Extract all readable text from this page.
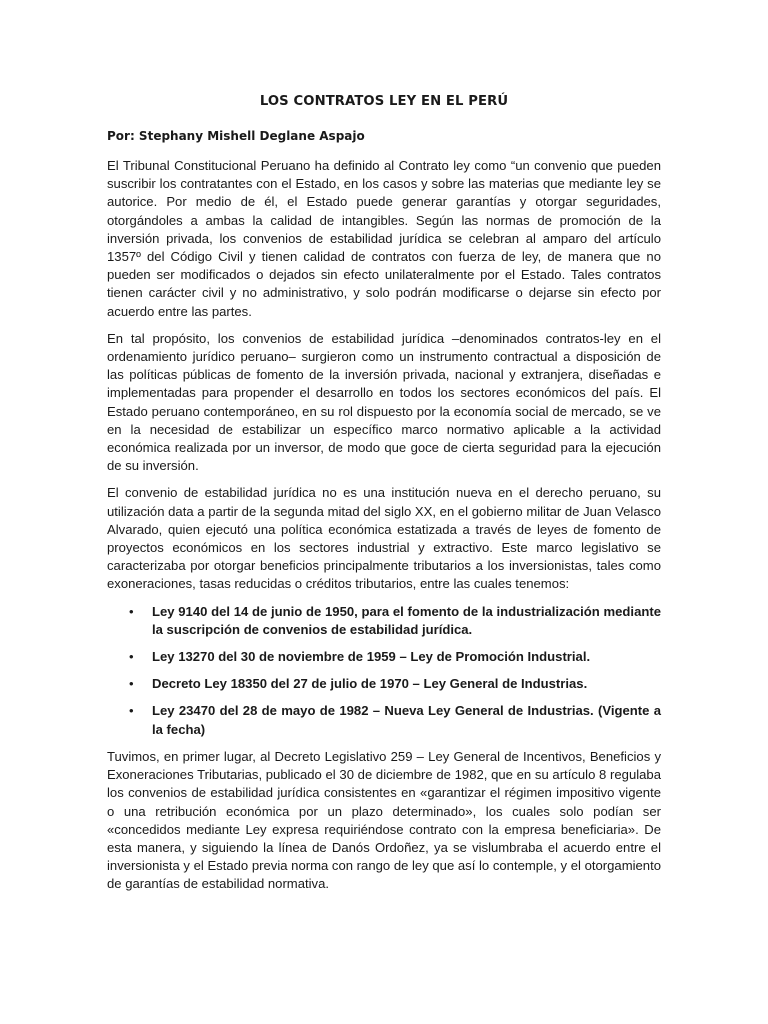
LOS CONTRATOS LEY EN EL PERÚ
Por: Stephany Mishell Deglane Aspajo

El Tribunal Constitucional Peruano ha definido al Contrato ley como “un convenio que pueden suscribir los contratantes con el Estado, en los casos y sobre las materias que mediante ley se autorice. Por medio de él, el Estado puede generar garantías y otorgar seguridades, otorgándoles a ambas la calidad de intangibles. Según las normas de promoción de la inversión privada, los convenios de estabilidad jurídica se celebran al amparo del artículo 1357º del Código Civil y tienen calidad de contratos con fuerza de ley, de manera que no pueden ser modificados o dejados sin efecto unilateralmente por el Estado. Tales contratos tienen carácter civil y no administrativo, y solo podrán modificarse o dejarse sin efecto por acuerdo entre las partes.

En tal propósito, los convenios de estabilidad jurídica –denominados contratos-ley en el ordenamiento jurídico peruano– surgieron como un instrumento contractual a disposición de las políticas públicas de fomento de la inversión privada, nacional y extranjera, diseñadas e implementadas para propender el desarrollo en todos los sectores económicos del país. El Estado peruano contemporáneo, en su rol dispuesto por la economía social de mercado, se ve en la necesidad de estabilizar un específico marco normativo aplicable a la actividad económica realizada por un inversor, de modo que goce de cierta seguridad para la ejecución de su inversión.

El convenio de estabilidad jurídica no es una institución nueva en el derecho peruano, su utilización data a partir de la segunda mitad del siglo XX, en el gobierno militar de Juan Velasco Alvarado, quien ejecutó una política económica estatizada a través de leyes de fomento de proyectos económicos en los sectores industrial y extractivo. Este marco legislativo se caracterizaba por otorgar beneficios principalmente tributarios a los inversionistas, tales como exoneraciones, tasas reducidas o créditos tributarios, entre las cuales tenemos:

• Ley 9140 del 14 de junio de 1950, para el fomento de la industrialización mediante la suscripción de convenios de estabilidad jurídica.
• Ley 13270 del 30 de noviembre de 1959 – Ley de Promoción Industrial.
• Decreto Ley 18350 del 27 de julio de 1970 – Ley General de Industrias.
• Ley 23470 del 28 de mayo de 1982 – Nueva Ley General de Industrias. (Vigente a la fecha)

Tuvimos, en primer lugar, al Decreto Legislativo 259 – Ley General de Incentivos, Beneficios y Exoneraciones Tributarias, publicado el 30 de diciembre de 1982, que en su artículo 8 regulaba los convenios de estabilidad jurídica consistentes en «garantizar el régimen impositivo vigente o una retribución económica por un plazo determinado», los cuales solo podían ser «concedidos mediante Ley expresa requiriéndose contrato con la empresa beneficiaria». De esta manera, y siguiendo la línea de Danós Ordoñez, ya se vislumbraba el acuerdo entre el inversionista y el Estado previa norma con rango de ley que así lo contemple, y el otorgamiento de garantías de estabilidad normativa.
